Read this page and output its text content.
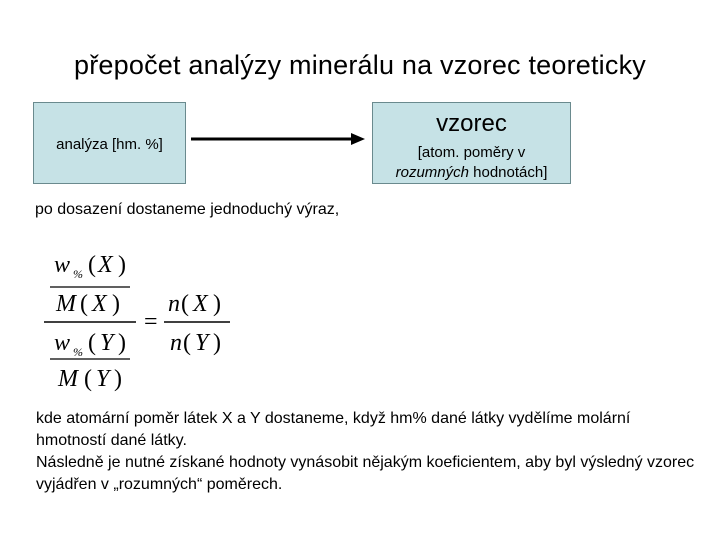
přepočet analýzy minerálu na vzorec teoreticky
analýza [hm. %]
vzorec
[atom. poměry v
rozumných hodnotách]
po dosazení dostaneme jednoduchý výraz,
w % ( X )
M ( X )
w % ( Y )
M ( Y )
=
n ( X )
n ( Y )

kde atomární poměr látek X a Y dostaneme, když hm% dané látky vydělíme molární hmotností dané látky.

Následně je nutné získané hodnoty vynásobit nějakým koeficientem, aby byl výsledný vzorec vyjádřen v „rozumných“ poměrech.
